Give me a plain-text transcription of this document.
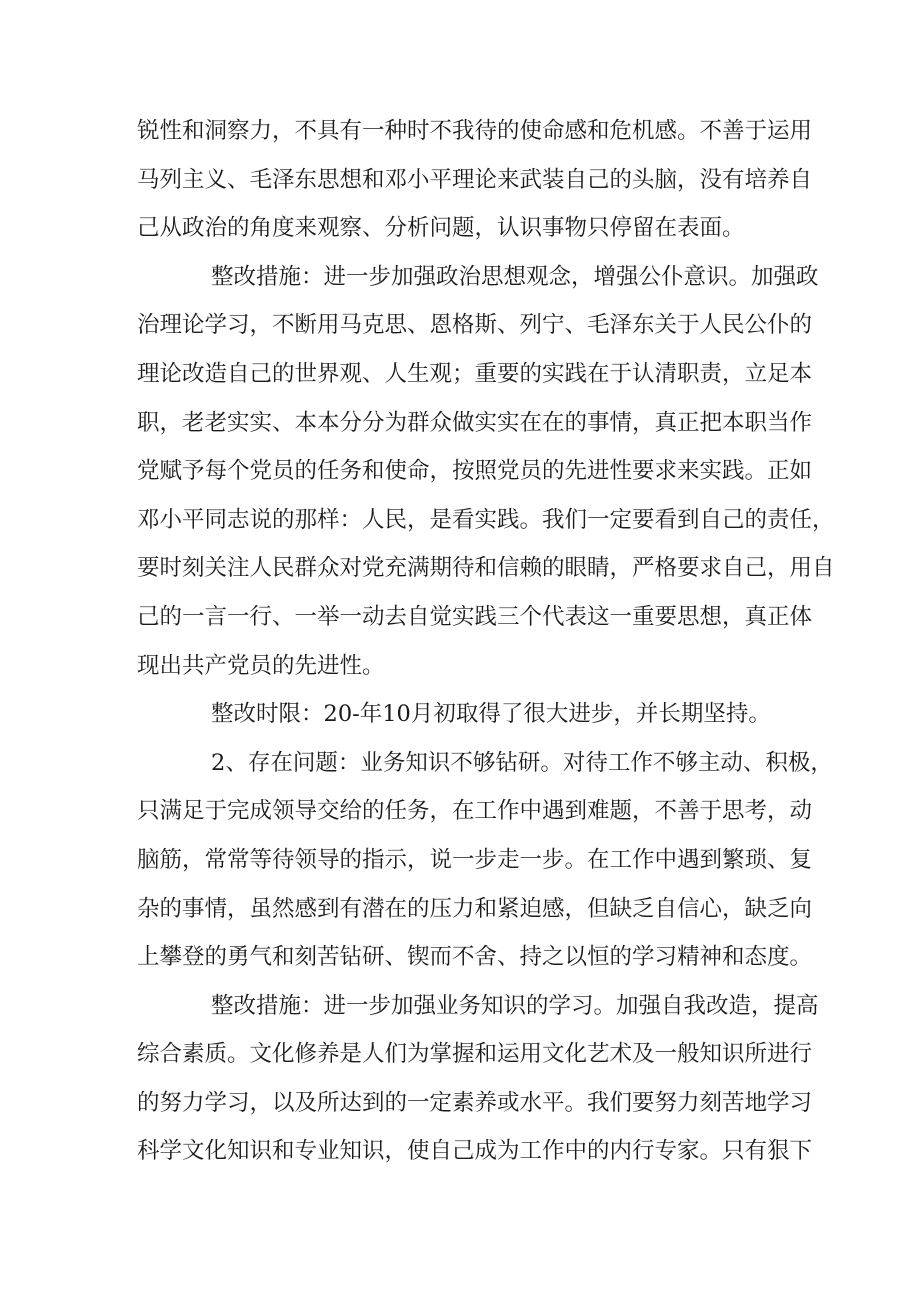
锐性和洞察力，不具有一种时不我待的使命感和危机感。不善于运用
马列主义、毛泽东思想和邓小平理论来武装自己的头脑，没有培养自
己从政治的角度来观察、分析问题，认识事物只停留在表面。
整改措施：进一步加强政治思想观念，增强公仆意识。加强政
治理论学习，不断用马克思、恩格斯、列宁、毛泽东关于人民公仆的
理论改造自己的世界观、人生观；重要的实践在于认清职责，立足本
职，老老实实、本本分分为群众做实实在在的事情，真正把本职当作
党赋予每个党员的任务和使命，按照党员的先进性要求来实践。正如
邓小平同志说的那样：人民，是看实践。我们一定要看到自己的责任，
要时刻关注人民群众对党充满期待和信赖的眼睛，严格要求自己，用自
己的一言一行、一举一动去自觉实践三个代表这一重要思想，真正体
现出共产党员的先进性。
整改时限：20-年10月初取得了很大进步，并长期坚持。
2、存在问题：业务知识不够钻研。对待工作不够主动、积极，
只满足于完成领导交给的任务，在工作中遇到难题，不善于思考，动
脑筋，常常等待领导的指示，说一步走一步。在工作中遇到繁琐、复
杂的事情，虽然感到有潜在的压力和紧迫感，但缺乏自信心，缺乏向
上攀登的勇气和刻苦钻研、锲而不舍、持之以恒的学习精神和态度。
整改措施：进一步加强业务知识的学习。加强自我改造，提高
综合素质。文化修养是人们为掌握和运用文化艺术及一般知识所进行
的努力学习，以及所达到的一定素养或水平。我们要努力刻苦地学习
科学文化知识和专业知识，使自己成为工作中的内行专家。只有狠下
